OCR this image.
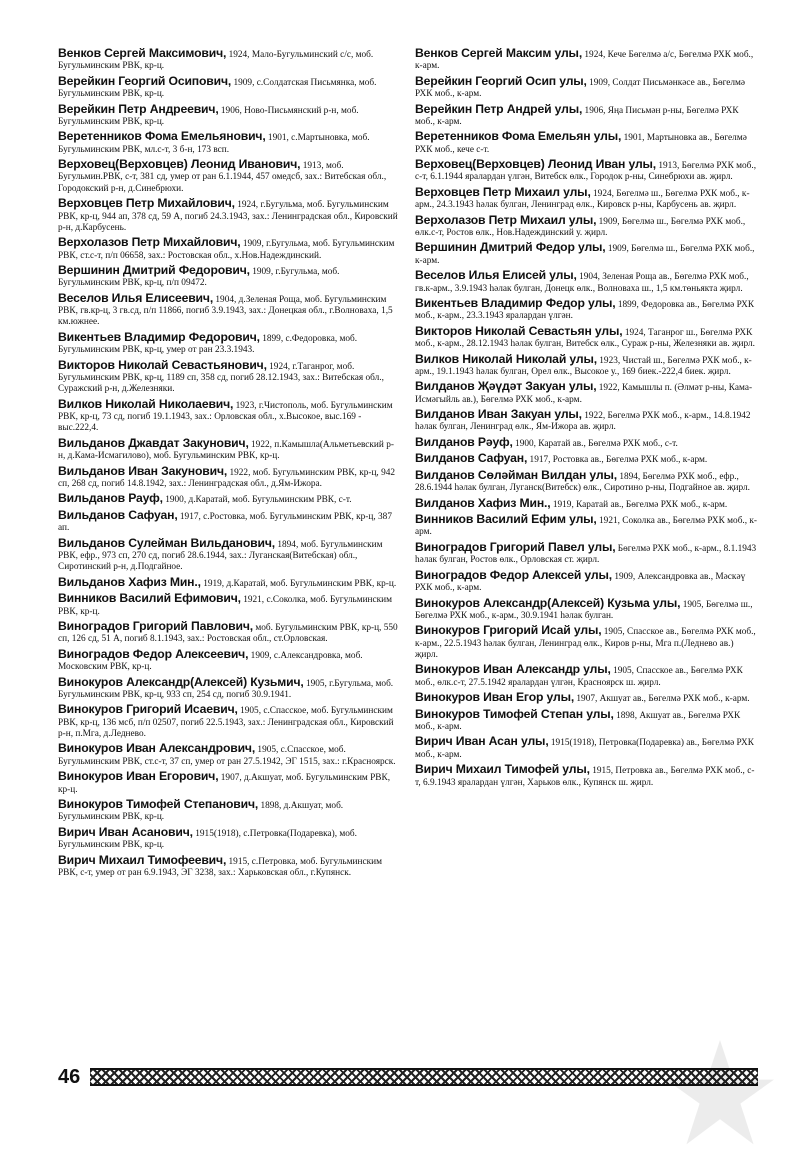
Венков Сергей Максимович, 1924, Мало-Бугульминский с/с, моб. Бугульминским РВК, кр-ц.

Верейкин Георгий Осипович, 1909, с.Солдатская Письмянка, моб. Бугульминским РВК, кр-ц.

Верейкин Петр Андреевич, 1906, Ново-Письмянский р-н, моб. Бугульминским РВК, кр-ц.

Веретенников Фома Емельянович, 1901, с.Мартыновка, моб. Бугульминским РВК, мл.с-т, 3 б-н, 173 всп.

Верховец(Верховцев) Леонид Иванович, 1913, моб. Бугульмин.РВК, с-т, 381 сд, умер от ран 6.1.1944, 457 омедсб, зах.: Витебская обл., Городокский р-н, д.Синебрюхи.

Верховцев Петр Михайлович, 1924, г.Бугульма, моб. Бугульминским РВК, кр-ц, 944 ап, 378 сд, 59 А, погиб 24.3.1943, зах.: Ленинградская обл., Кировский р-н, д.Карбусень.

Верхолазов Петр Михайлович, 1909, г.Бугульма, моб. Бугульминским РВК, ст.с-т, п/п 06658, зах.: Ростовская обл., х.Нов.Надеждинский.

Вершинин Дмитрий Федорович, 1909, г.Бугульма, моб. Бугульминским РВК, кр-ц, п/п 09472.

Веселов Илья Елисеевич, 1904, д.Зеленая Роща, моб. Бугульминским РВК, гв.кр-ц, 3 гв.сд, п/п 11866, погиб 3.9.1943, зах.: Донецкая обл., г.Волноваха, 1,5 км.южнее.

Викентьев Владимир Федорович, 1899, с.Федоровка, моб. Бугульминским РВК, кр-ц, умер от ран 23.3.1943.

Викторов Николай Севастьянович, 1924, г.Таганрог, моб. Бугульминским РВК, кр-ц, 1189 сп, 358 сд, погиб 28.12.1943, зах.: Витебская обл., Суражский р-н, д.Железняки.

Вилков Николай Николаевич, 1923, г.Чистополь, моб. Бугульминским РВК, кр-ц, 73 сд, погиб 19.1.1943, зах.: Орловская обл., х.Высокое, выс.169 - выс.222,4.

Вильданов Джавдат Закунович, 1922, п.Камышла(Альметьевский р-н, д.Кама-Исмагилово), моб. Бугульминским РВК, кр-ц.

Вильданов Иван Закунович, 1922, моб. Бугульминским РВК, кр-ц, 942 сп, 268 сд, погиб 14.8.1942, зах.: Ленинградская обл., д.Ям-Ижора.

Вильданов Рауф, 1900, д.Каратай, моб. Бугульминским РВК, с-т.

Вильданов Сафуан, 1917, с.Ростовка, моб. Бугульминским РВК, кр-ц, 387 ап.

Вильданов Сулейман Вильданович, 1894, моб. Бугульминским РВК, ефр., 973 сп, 270 сд, погиб 28.6.1944, зах.: Луганская(Витебская) обл., Сиротинский р-н, д.Подгайное.

Вильданов Хафиз Мин., 1919, д.Каратай, моб. Бугульминским РВК, кр-ц.

Винников Василий Ефимович, 1921, с.Соколка, моб. Бугульминским РВК, кр-ц.

Виноградов Григорий Павлович, моб. Бугульминским РВК, кр-ц, 550 сп, 126 сд, 51 А, погиб 8.1.1943, зах.: Ростовская обл., ст.Орловская.

Виноградов Федор Алексеевич, 1909, с.Александровка, моб. Московским РВК, кр-ц.

Винокуров Александр(Алексей) Кузьмич, 1905, г.Бугульма, моб. Бугульминским РВК, кр-ц, 933 сп, 254 сд, погиб 30.9.1941.

Винокуров Григорий Исаевич, 1905, с.Спасское, моб. Бугульминским РВК, кр-ц, 136 мсб, п/п 02507, погиб 22.5.1943, зах.: Ленинградская обл., Кировский р-н, п.Мга, д.Леднево.

Винокуров Иван Александрович, 1905, с.Спасское, моб. Бугульминским РВК, ст.с-т, 37 сп, умер от ран 27.5.1942, ЭГ 1515, зах.: г.Красноярск.

Винокуров Иван Егорович, 1907, д.Акшуат, моб. Бугульминским РВК, кр-ц.

Винокуров Тимофей Степанович, 1898, д.Акшуат, моб. Бугульминским РВК, кр-ц.

Вирич Иван Асанович, 1915(1918), с.Петровка(Подаревка), моб. Бугульминским РВК, кр-ц.

Вирич Михаил Тимофеевич, 1915, с.Петровка, моб. Бугульминским РВК, с-т, умер от ран 6.9.1943, ЭГ 3238, зах.: Харьковская обл., г.Купянск.

Венков Сергей Максим улы, 1924, Кече Бөгелмә а/с, Бөгелмә РХК моб., к-арм.

Верейкин Георгий Осип улы, 1909, Солдат Письмәнкәсе ав., Бөгелмә РХК моб., к-арм.

Верейкин Петр Андрей улы, 1906, Яңа Письмән р-ны, Бөгелмә РХК моб., к-арм.

Веретенников Фома Емельян улы, 1901, Мартыновка ав., Бөгелмә РХК моб., кече с-т.

Верховец(Верховцев) Леонид Иван улы, 1913, Бөгелмә РХК моб., с-т, 6.1.1944 яралардан үлгән, Витебск өлк., Городок р-ны, Синебрюхи ав. җирл.

Верховцев Петр Михаил улы, 1924, Бөгелмә ш., Бөгелмә РХК моб., к-арм., 24.3.1943 һәлак булган, Ленинград өлк., Кировск р-ны, Карбусень ав. җирл.

Верхолазов Петр Михаил улы, 1909, Бөгелмә ш., Бөгелмә РХК моб., өлк.с-т, Ростов өлк., Нов.Надеждинский у. җирл.

Вершинин Дмитрий Федор улы, 1909, Бөгелмә ш., Бөгелмә РХК моб., к-арм.

Веселов Илья Елисей улы, 1904, Зеленая Роща ав., Бөгелмә РХК моб., гв.к-арм., 3.9.1943 һәлак булган, Донецк өлк., Волноваха ш., 1,5 км.төньякта җирл.

Викентьев Владимир Федор улы, 1899, Федоровка ав., Бөгелмә РХК моб., к-арм., 23.3.1943 яралардан үлгән.

Викторов Николай Севастьян улы, 1924, Таганрог ш., Бөгелмә РХК моб., к-арм., 28.12.1943 һәлак булган, Витебск өлк., Сураж р-ны, Железняки ав. җирл.

Вилков Николай Николай улы, 1923, Чистай ш., Бөгелмә РХК моб., к-арм., 19.1.1943 һәлак булган, Орел өлк., Высокое у., 169 биек.-222,4 биек. җирл.

Вилданов Җәүдәт Закуан улы, 1922, Камышлы п. (Әлмәт р-ны, Кама-Исмәгыйль ав.), Бөгелмә РХК моб., к-арм.

Вилданов Иван Закуан улы, 1922, Бөгелмә РХК моб., к-арм., 14.8.1942 һәлак булган, Ленинград өлк., Ям-Ижора ав. җирл.

Вилданов Рәуф, 1900, Каратай ав., Бөгелмә РХК моб., с-т.

Вилданов Сафуан, 1917, Ростовка ав., Бөгелмә РХК моб., к-арм.

Вилданов Сөләйман Вилдан улы, 1894, Бөгелмә РХК моб., ефр., 28.6.1944 һәлак булган, Луганск(Витебск) өлк., Сиротино р-ны, Подгайное ав. җирл.

Вилданов Хафиз Мин., 1919, Каратай ав., Бөгелмә РХК моб., к-арм.

Винников Василий Ефим улы, 1921, Соколка ав., Бөгелмә РХК моб., к-арм.

Виноградов Григорий Павел улы, Бөгелмә РХК моб., к-арм., 8.1.1943 һәлак булган, Ростов өлк., Орловская ст. җирл.

Виноградов Федор Алексей улы, 1909, Александровка ав., Мәскәү РХК моб., к-арм.

Винокуров Александр(Алексей) Кузьма улы, 1905, Бөгелмә ш., Бөгелмә РХК моб., к-арм., 30.9.1941 һәлак булган.

Винокуров Григорий Исай улы, 1905, Спасское ав., Бөгелмә РХК моб., к-арм., 22.5.1943 һәлак булган, Ленинград өлк., Киров р-ны, Мга п.(Леднево ав.) җирл.

Винокуров Иван Александр улы, 1905, Спасское ав., Бөгелмә РХК моб., өлк.с-т, 27.5.1942 яралардан үлгән, Красноярск ш. җирл.

Винокуров Иван Егор улы, 1907, Акшуат ав., Бөгелмә РХК моб., к-арм.

Винокуров Тимофей Степан улы, 1898, Акшуат ав., Бөгелмә РХК моб., к-арм.

Вирич Иван Асан улы, 1915(1918), Петровка(Подаревка) ав., Бөгелмә РХК моб., к-арм.

Вирич Михаил Тимофей улы, 1915, Петровка ав., Бөгелмә РХК моб., с-т, 6.9.1943 яралардан үлгән, Харьков өлк., Купянск ш. җирл.

46
